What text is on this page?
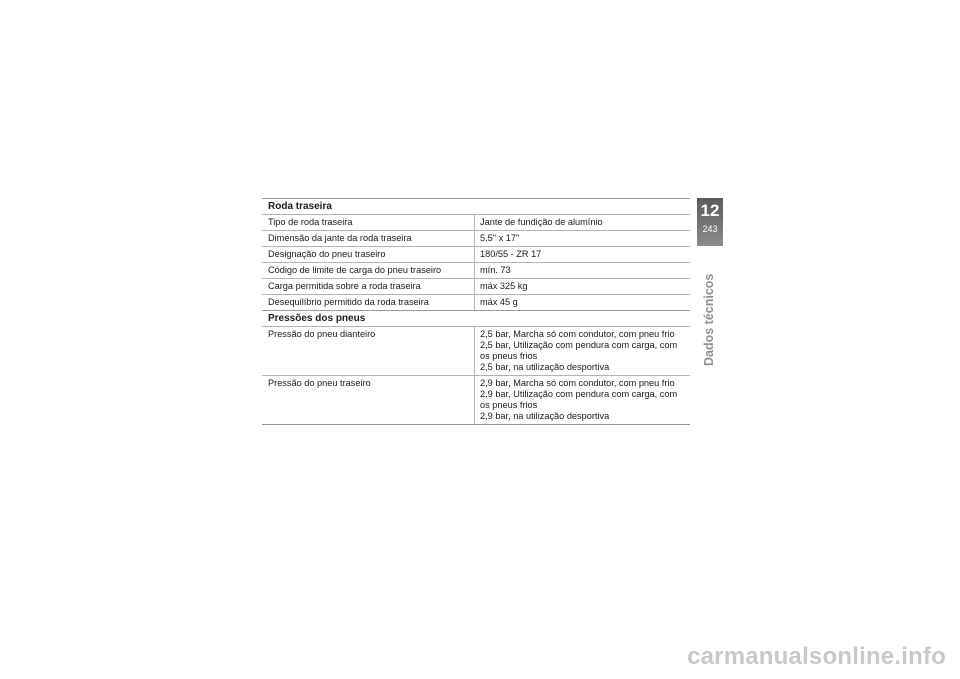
Roda traseira
Tipo de roda traseira	Jante de fundição de alumínio

Dimensão da jante da roda traseira	5.5" x 17"

Designação do pneu traseiro	180/55 - ZR 17

Código de limite de carga do pneu traseiro	mín. 73

Carga permitida sobre a roda traseira	máx 325 kg

Desequilíbrio permitido da roda traseira	máx 45 g
Pressões dos pneus
Pressão do pneu dianteiro	2,5 bar, Marcha só com condutor, com pneu frio
2,5 bar, Utilização com pendura com carga, com os pneus frios
2,5 bar, na utilização desportiva

Pressão do pneu traseiro	2,9 bar, Marcha só com condutor, com pneu frio
2,9 bar, Utilização com pendura com carga, com os pneus frios
2,9 bar, na utilização desportiva
12
243
Dados técnicos
carmanualsonline.info
